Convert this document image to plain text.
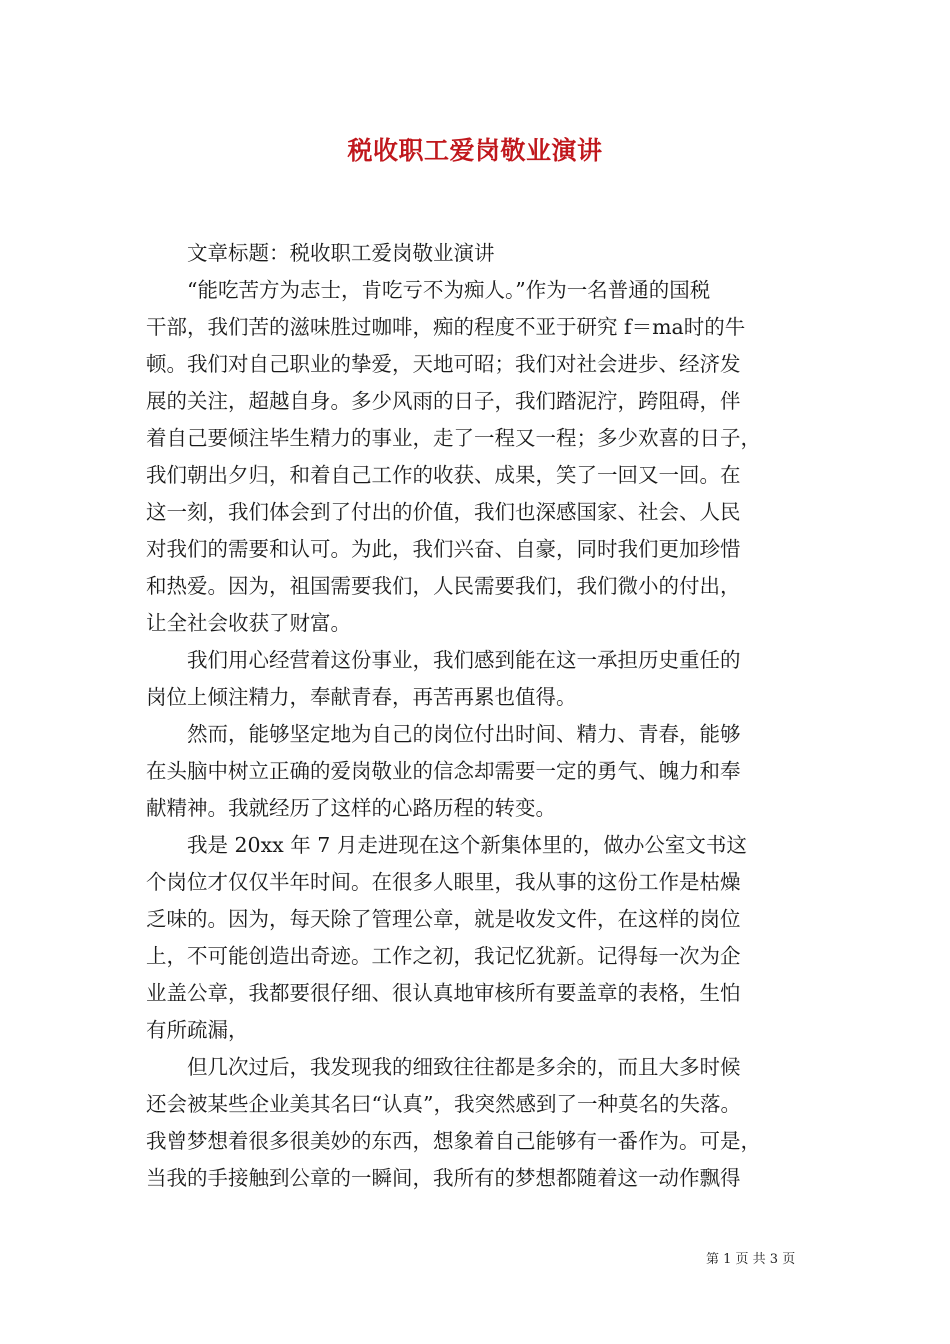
税收职工爱岗敬业演讲
　　文章标题：税收职工爱岗敬业演讲
　　“能吃苦方为志士，肯吃亏不为痴人。”作为一名普通的国税
干部，我们苦的滋味胜过咖啡，痴的程度不亚于研究 f＝ma时的牛
顿。我们对自己职业的挚爱，天地可昭；我们对社会进步、经济发
展的关注，超越自身。多少风雨的日子，我们踏泥泞，跨阻碍，伴
着自己要倾注毕生精力的事业，走了一程又一程；多少欢喜的日子，
我们朝出夕归，和着自己工作的收获、成果，笑了一回又一回。在
这一刻，我们体会到了付出的价值，我们也深感国家、社会、人民
对我们的需要和认可。为此，我们兴奋、自豪，同时我们更加珍惜
和热爱。因为，祖国需要我们，人民需要我们，我们微小的付出，
让全社会收获了财富。
　　我们用心经营着这份事业，我们感到能在这一承担历史重任的
岗位上倾注精力，奉献青春，再苦再累也值得。
　　然而，能够坚定地为自己的岗位付出时间、精力、青春，能够
在头脑中树立正确的爱岗敬业的信念却需要一定的勇气、魄力和奉
献精神。我就经历了这样的心路历程的转变。
　　我是 20xx 年 7 月走进现在这个新集体里的，做办公室文书这
个岗位才仅仅半年时间。在很多人眼里，我从事的这份工作是枯燥
乏味的。因为，每天除了管理公章，就是收发文件，在这样的岗位
上，不可能创造出奇迹。工作之初，我记忆犹新。记得每一次为企
业盖公章，我都要很仔细、很认真地审核所有要盖章的表格，生怕
有所疏漏，
　　但几次过后，我发现我的细致往往都是多余的，而且大多时候
还会被某些企业美其名曰“认真”，我突然感到了一种莫名的失落。
我曾梦想着很多很美妙的东西，想象着自己能够有一番作为。可是，
当我的手接触到公章的一瞬间，我所有的梦想都随着这一动作飘得
第 1 页 共 3 页
